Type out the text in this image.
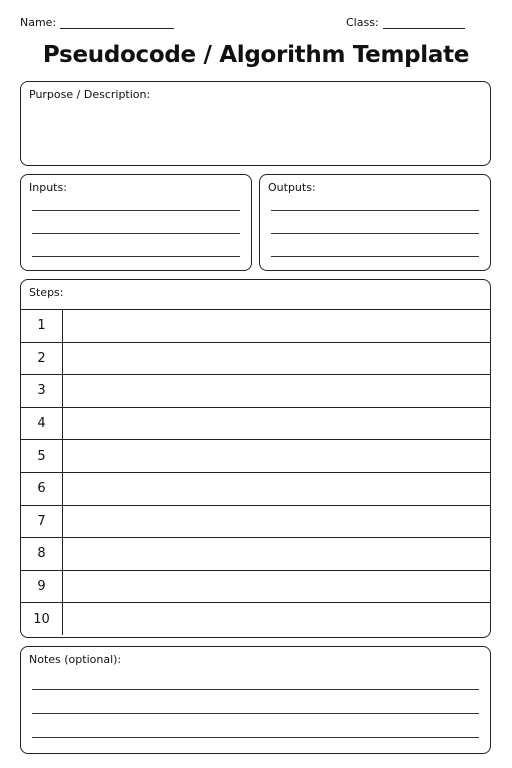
Name:	Class:
Pseudocode / Algorithm Template
Purpose / Description:
Inputs:	Outputs:
Steps:
1
2
3
4
5
6
7
8
9
10
Notes (optional):
